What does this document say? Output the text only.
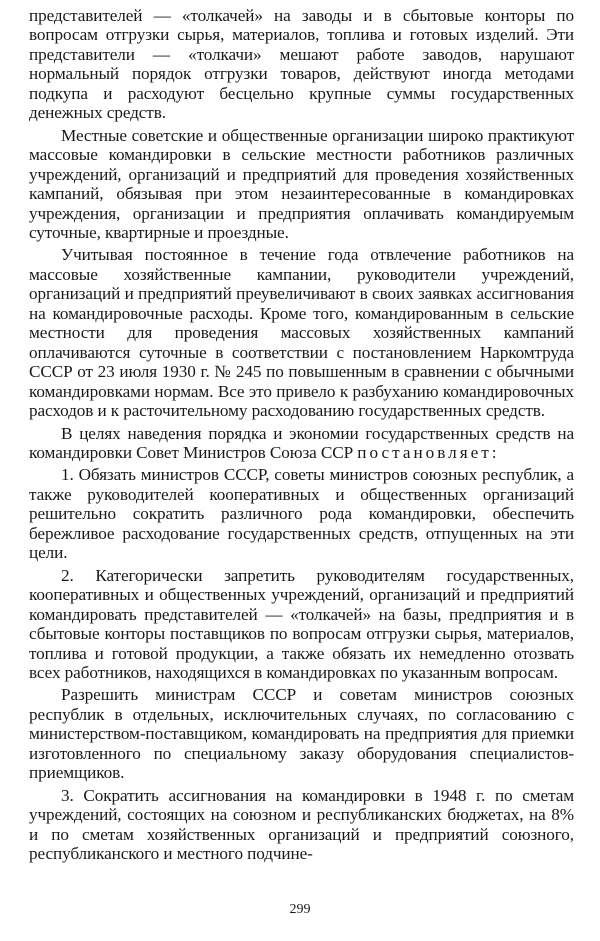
представителей — «толкачей» на заводы и в сбытовые конторы по вопросам отгрузки сырья, материалов, топлива и готовых изделий. Эти представители — «толкачи» мешают работе заводов, нарушают нормальный порядок отгрузки товаров, действуют иногда методами подкупа и расходуют бесцельно крупные суммы государственных денежных средств.

Местные советские и общественные организации широко практикуют массовые командировки в сельские местности работников различных учреждений, организаций и предприятий для проведения хозяйственных кампаний, обязывая при этом незаинтересованные в командировках учреждения, организации и предприятия оплачивать командируемым суточные, квартирные и проездные.

Учитывая постоянное в течение года отвлечение работников на массовые хозяйственные кампании, руководители учреждений, организаций и предприятий преувеличивают в своих заявках ассигнования на командировочные расходы. Кроме того, командированным в сельские местности для проведения массовых хозяйственных кампаний оплачиваются суточные в соответствии с постановлением Наркомтруда СССР от 23 июля 1930 г. № 245 по повышенным в сравнении с обычными командировками нормам. Все это привело к разбуханию командировочных расходов и к расточительному расходованию государственных средств.

В целях наведения порядка и экономии государственных средств на командировки Совет Министров Союза ССР постановляет:

1. Обязать министров СССР, советы министров союзных республик, а также руководителей кооперативных и общественных организаций решительно сократить различного рода командировки, обеспечить бережливое расходование государственных средств, отпущенных на эти цели.

2. Категорически запретить руководителям государственных, кооперативных и общественных учреждений, организаций и предприятий командировать представителей — «толкачей» на базы, предприятия и в сбытовые конторы поставщиков по вопросам отгрузки сырья, материалов, топлива и готовой продукции, а также обязать их немедленно отозвать всех работников, находящихся в командировках по указанным вопросам.

Разрешить министрам СССР и советам министров союзных республик в отдельных, исключительных случаях, по согласованию с министерством-поставщиком, командировать на предприятия для приемки изготовленного по специальному заказу оборудования специалистов-приемщиков.

3. Сократить ассигнования на командировки в 1948 г. по сметам учреждений, состоящих на союзном и республиканских бюджетах, на 8% и по сметам хозяйственных организаций и предприятий союзного, республиканского и местного подчине-

299
